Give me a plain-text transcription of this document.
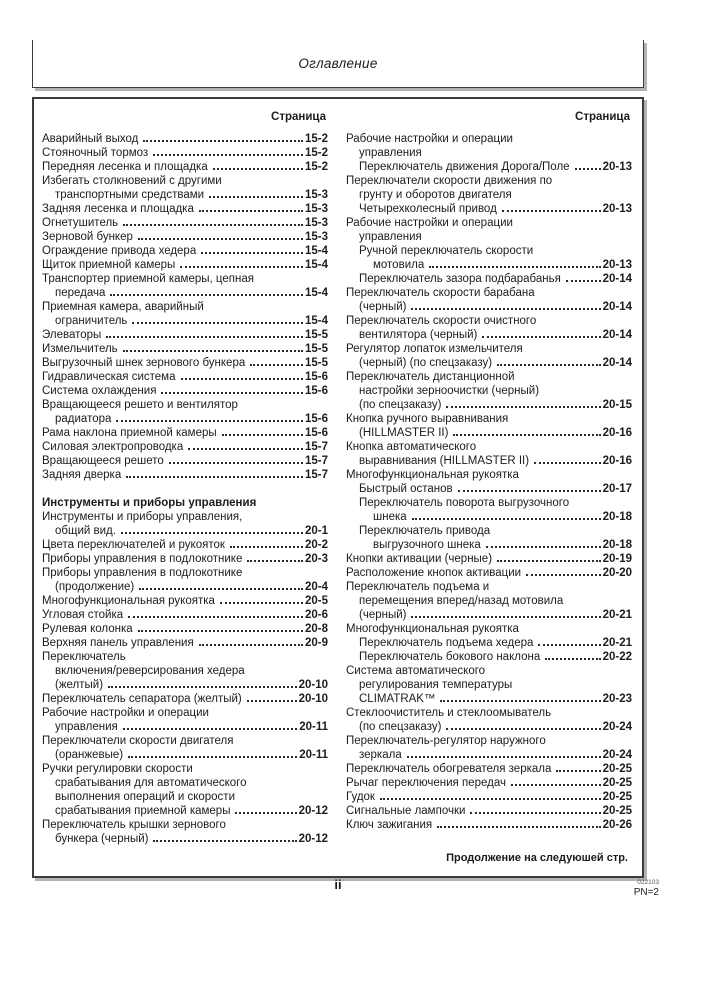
Оглавление
Страница
Аварийный выход	15-2
Стояночный тормоз	15-2
Передняя лесенка и площадка	15-2
Избегать столкновений с другими
транспортными средствами	15-3
Задняя лесенка и площадка	15-3
Огнетушитель	15-3
Зерновой бункер	15-3
Ограждение привода хедера	15-4
Щиток приемной камеры	15-4
Транспортер приемной камеры, цепная
передача	15-4
Приемная камера, аварийный
ограничитель	15-4
Элеваторы	15-5
Измельчитель	15-5
Выгрузочный шнек зернового бункера	15-5
Гидравлическая система	15-6
Система охлаждения	15-6
Вращающееся решето и вентилятор
радиатора	15-6
Рама наклона приемной камеры	15-6
Силовая электропроводка	15-7
Вращающееся решето	15-7
Задняя дверка	15-7
Инструменты и приборы управления
Инструменты и приборы управления,
общий вид.	20-1
Цвета переключателей и рукояток	20-2
Приборы управления в подлокотнике	20-3
Приборы управления в подлокотнике
(продолжение)	20-4
Многофункциональная рукоятка	20-5
Угловая стойка	20-6
Рулевая колонка	20-8
Верхняя панель управления	20-9
Переключатель
включения/реверсирования хедера
(желтый)	20-10
Переключатель сепаратора (желтый)	20-10
Рабочие настройки и операции
управления	20-11
Переключатели скорости двигателя
(оранжевые)	20-11
Ручки регулировки скорости
срабатывания для автоматического
выполнения операций и скорости
срабатывания приемной камеры	20-12
Переключатель крышки зернового
бункера (черный)	20-12
Страница
Рабочие настройки и операции
управления
Переключатель движения Дорога/Поле	20-13
Переключатели скорости движения по
грунту и оборотов двигателя
Четырехколесный привод	20-13
Рабочие настройки и операции
управления
Ручной переключатель скорости
мотовила	20-13
Переключатель зазора подбарабанья	20-14
Переключатель скорости барабана
(черный)	20-14
Переключатель скорости очистного
вентилятора (черный)	20-14
Регулятор лопаток измельчителя
(черный) (по спецзаказу)	20-14
Переключатель дистанционной
настройки зерноочистки (черный)
(по спецзаказу)	20-15
Кнопка ручного выравнивания
(HILLMASTER II)	20-16
Кнопка автоматического
выравнивания (HILLMASTER II)	20-16
Многофункциональная рукоятка
Быстрый останов	20-17
Переключатель поворота выгрузочного
шнека	20-18
Переключатель привода
выгрузочного шнека	20-18
Кнопки активации (черные)	20-19
Расположение кнопок активации	20-20
Переключатель подъема и
перемещения вперед/назад мотовила
(черный)	20-21
Многофункциональная рукоятка
Переключатель подъема хедера	20-21
Переключатель бокового наклона	20-22
Система автоматического
регулирования температуры
CLIMATRAK™	20-23
Стеклоочиститель и стеклоомыватель
(по спецзаказу)	20-24
Переключатель-регулятор наружного
зеркала	20-24
Переключатель обогревателя зеркала	20-25
Рычаг переключения передач	20-25
Гудок	20-25
Сигнальные лампочки	20-25
Ключ зажигания	20-26
Продолжение на следуюшей стр.
ii	022103
PN=2
